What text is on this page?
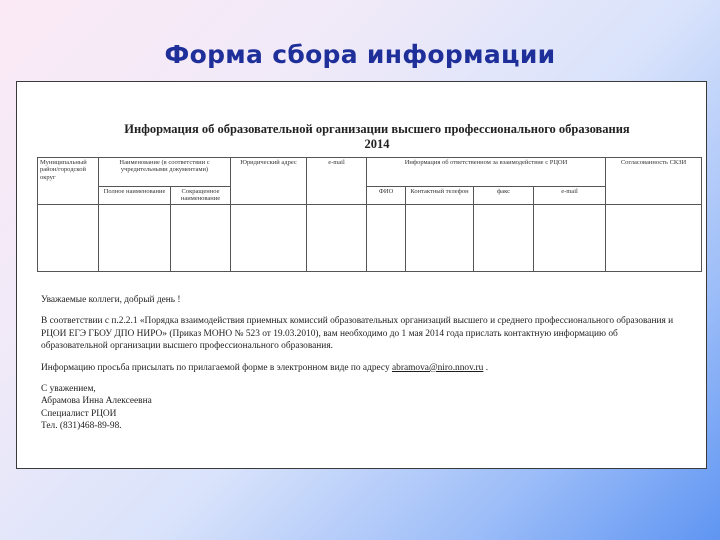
Форма сбора информации
Информация об образовательной организации высшего профессионального образования 2014
Муниципальный район/городской округ	Наименование (в соответствии с учредительными документами)		Юридический адрес	e-mail	Информация об ответственном за взаимодействие с РЦОИ				Согласованность СКЗИ
	Полное наименование	Сокращенное наименование			ФИО	Контактный телефон	факс	e-mail	

Уважаемые коллеги, добрый день !

В соответствии с п.2.2.1 «Порядка взаимодействия приемных комиссий образовательных организаций высшего и среднего профессионального образования и РЦОИ ЕГЭ ГБОУ ДПО НИРО» (Приказ МОНО № 523 от 19.03.2010), вам необходимо до 1 мая 2014 года прислать контактную информацию об образовательной организации высшего профессионального образования.

Информацию просьба присылать по прилагаемой форме в электронном виде по адресу abramova@niro.nnov.ru .

С уважением,
Абрамова Инна Алексеевна
Специалист РЦОИ
Тел. (831)468-89-98.
